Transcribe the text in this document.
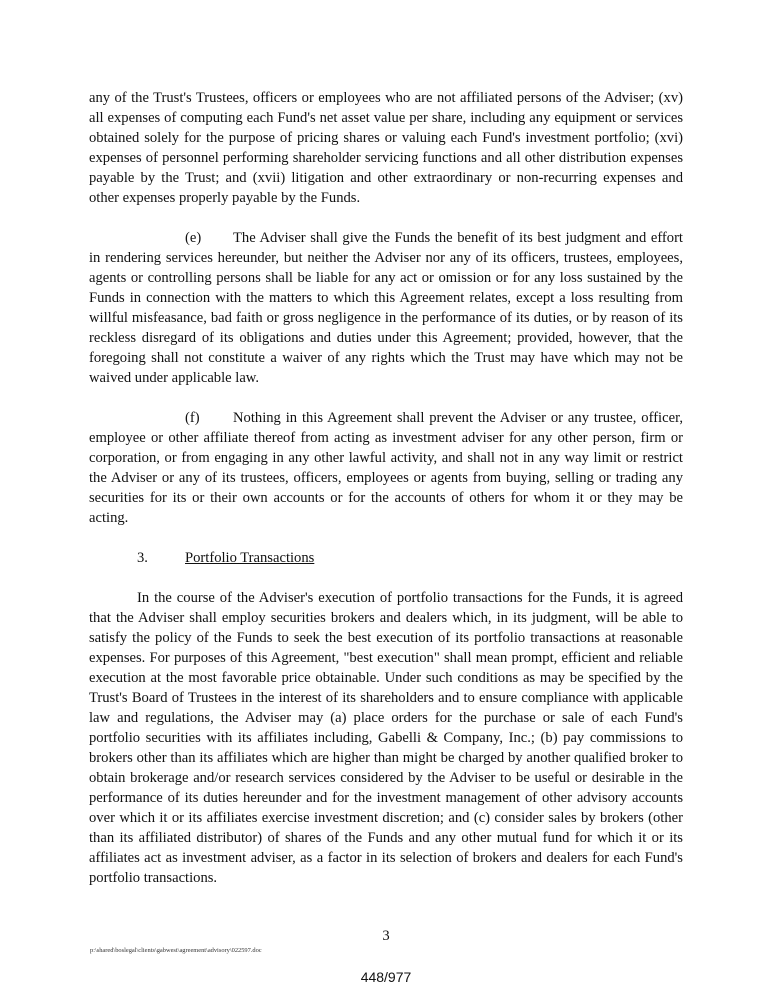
any of the Trust's Trustees, officers or employees who are not affiliated persons of the Adviser; (xv) all expenses of computing each Fund's net asset value per share, including any equipment or services obtained solely for the purpose of pricing shares or valuing each Fund's investment portfolio; (xvi) expenses of personnel performing shareholder servicing functions and all other distribution expenses payable by the Trust; and (xvii) litigation and other extraordinary or non-recurring expenses and other expenses properly payable by the Funds.

(e) The Adviser shall give the Funds the benefit of its best judgment and effort in rendering services hereunder, but neither the Adviser nor any of its officers, trustees, employees, agents or controlling persons shall be liable for any act or omission or for any loss sustained by the Funds in connection with the matters to which this Agreement relates, except a loss resulting from willful misfeasance, bad faith or gross negligence in the performance of its duties, or by reason of its reckless disregard of its obligations and duties under this Agreement; provided, however, that the foregoing shall not constitute a waiver of any rights which the Trust may have which may not be waived under applicable law.

(f) Nothing in this Agreement shall prevent the Adviser or any trustee, officer, employee or other affiliate thereof from acting as investment adviser for any other person, firm or corporation, or from engaging in any other lawful activity, and shall not in any way limit or restrict the Adviser or any of its trustees, officers, employees or agents from buying, selling or trading any securities for its or their own accounts or for the accounts of others for whom it or they may be acting.

3.	Portfolio Transactions

In the course of the Adviser's execution of portfolio transactions for the Funds, it is agreed that the Adviser shall employ securities brokers and dealers which, in its judgment, will be able to satisfy the policy of the Funds to seek the best execution of its portfolio transactions at reasonable expenses. For purposes of this Agreement, "best execution" shall mean prompt, efficient and reliable execution at the most favorable price obtainable. Under such conditions as may be specified by the Trust's Board of Trustees in the interest of its shareholders and to ensure compliance with applicable law and regulations, the Adviser may (a) place orders for the purchase or sale of each Fund's portfolio securities with its affiliates including, Gabelli & Company, Inc.; (b) pay commissions to brokers other than its affiliates which are higher than might be charged by another qualified broker to obtain brokerage and/or research services considered by the Adviser to be useful or desirable in the performance of its duties hereunder and for the investment management of other advisory accounts over which it or its affiliates exercise investment discretion; and (c) consider sales by brokers (other than its affiliated distributor) of shares of the Funds and any other mutual fund for which it or its affiliates act as investment adviser, as a factor in its selection of brokers and dealers for each Fund's portfolio transactions.

3
p:\shared\boslegal\clients\gabwest\agreement\advisory\022597.doc
448/977
